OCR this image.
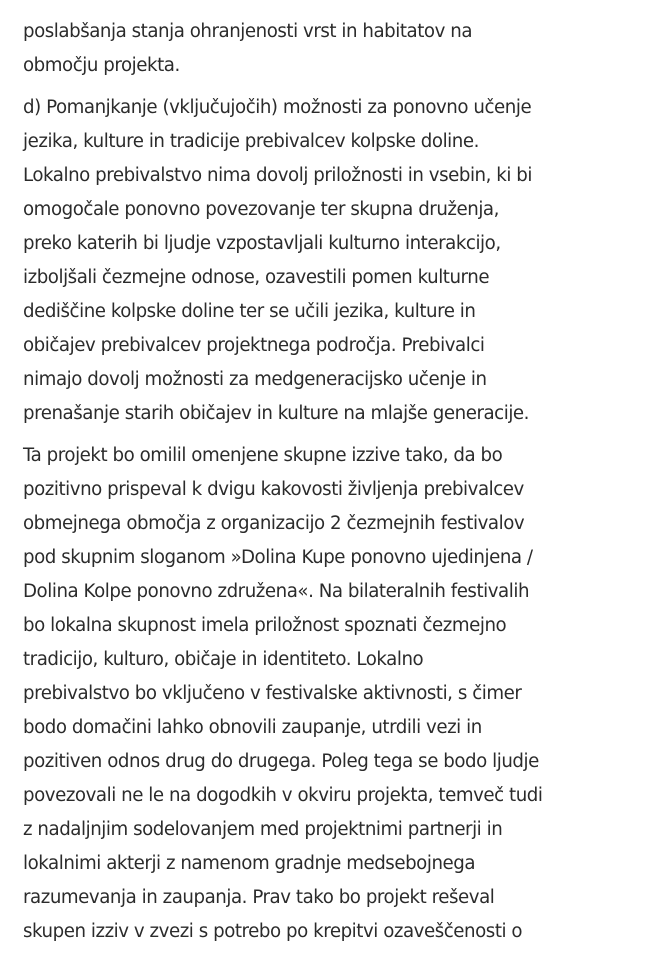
poslabšanja stanja ohranjenosti vrst in habitatov na
območju projekta.

d) Pomanjkanje (vključujočih) možnosti za ponovno učenje
jezika, kulture in tradicije prebivalcev kolpske doline.
Lokalno prebivalstvo nima dovolj priložnosti in vsebin, ki bi
omogočale ponovno povezovanje ter skupna druženja,
preko katerih bi ljudje vzpostavljali kulturno interakcijo,
izboljšali čezmejne odnose, ozavestili pomen kulturne
dediščine kolpske doline ter se učili jezika, kulture in
običajev prebivalcev projektnega področja. Prebivalci
nimajo dovolj možnosti za medgeneracijsko učenje in
prenašanje starih običajev in kulture na mlajše generacije.

Ta projekt bo omilil omenjene skupne izzive tako, da bo
pozitivno prispeval k dvigu kakovosti življenja prebivalcev
obmejnega območja z organizacijo 2 čezmejnih festivalov
pod skupnim sloganom »Dolina Kupe ponovno ujedinjena /
Dolina Kolpe ponovno združena«. Na bilateralnih festivalih
bo lokalna skupnost imela priložnost spoznati čezmejno
tradicijo, kulturo, običaje in identiteto. Lokalno
prebivalstvo bo vključeno v festivalske aktivnosti, s čimer
bodo domačini lahko obnovili zaupanje, utrdili vezi in
pozitiven odnos drug do drugega. Poleg tega se bodo ljudje
povezovali ne le na dogodkih v okviru projekta, temveč tudi
z nadaljnjim sodelovanjem med projektnimi partnerji in
lokalnimi akterji z namenom gradnje medsebojnega
razumevanja in zaupanja. Prav tako bo projekt reševal
skupen izziv v zvezi s potrebo po krepitvi ozaveščenosti o
